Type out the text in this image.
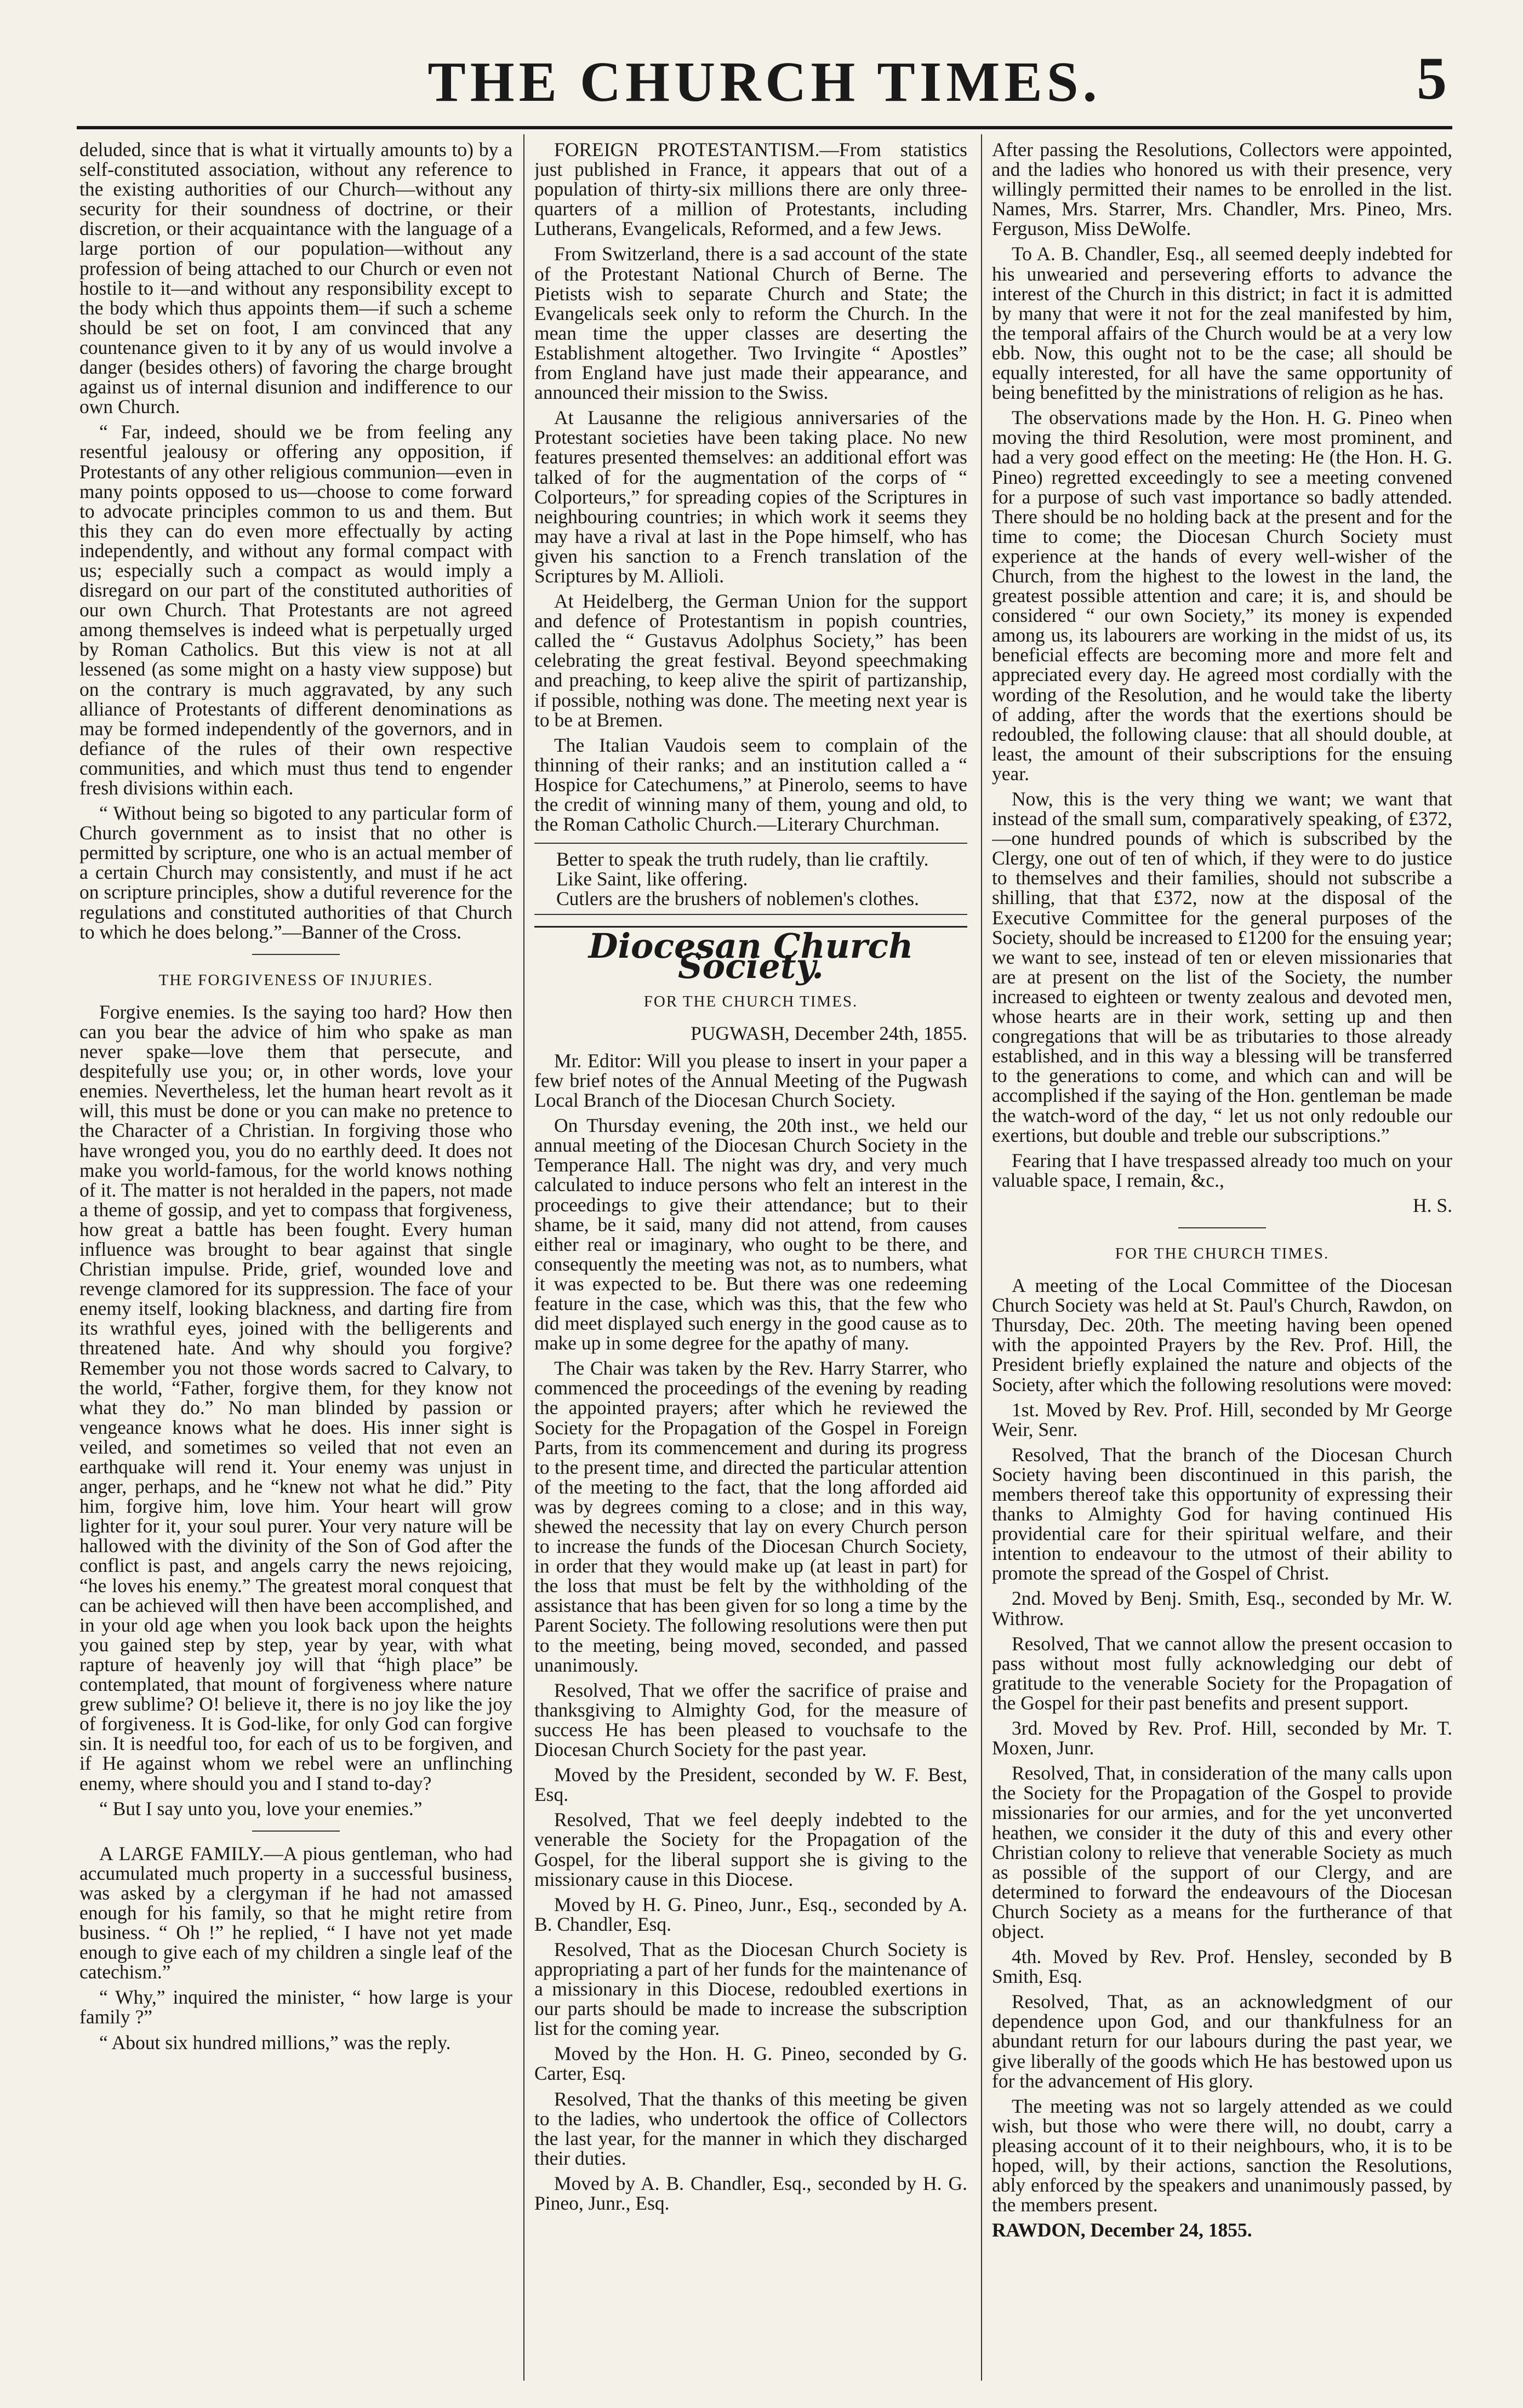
THE CHURCH TIMES.	5

deluded, since that is what it virtually amounts to) by a self-constituted association, without any reference to the existing authorities of our Church—without any security for their soundness of doctrine, or their discretion, or their acquaintance with the language of a large portion of our population—without any profession of being attached to our Church or even not hostile to it—and without any responsibility except to the body which thus appoints them—if such a scheme should be set on foot, I am convinced that any countenance given to it by any of us would involve a danger (besides others) of favoring the charge brought against us of internal disunion and indifference to our own Church.

“ Far, indeed, should we be from feeling any resentful jealousy or offering any opposition, if Protestants of any other religious communion—even in many points opposed to us—choose to come forward to advocate principles common to us and them. But this they can do even more effectually by acting independently, and without any formal compact with us; especially such a compact as would imply a disregard on our part of the constituted authorities of our own Church. That Protestants are not agreed among themselves is indeed what is perpetually urged by Roman Catholics. But this view is not at all lessened (as some might on a hasty view suppose) but on the contrary is much aggravated, by any such alliance of Protestants of different denominations as may be formed independently of the governors, and in defiance of the rules of their own respective communities, and which must thus tend to engender fresh divisions within each.

“ Without being so bigoted to any particular form of Church government as to insist that no other is permitted by scripture, one who is an actual member of a certain Church may consistently, and must if he act on scripture principles, show a dutiful reverence for the regulations and constituted authorities of that Church to which he does belong.”—Banner of the Cross.

THE FORGIVENESS OF INJURIES.

Forgive enemies. Is the saying too hard? How then can you bear the advice of him who spake as man never spake—love them that persecute, and despitefully use you; or, in other words, love your enemies. Nevertheless, let the human heart revolt as it will, this must be done or you can make no pretence to the Character of a Christian. In forgiving those who have wronged you, you do no earthly deed. It does not make you world-famous, for the world knows nothing of it. The matter is not heralded in the papers, not made a theme of gossip, and yet to compass that forgiveness, how great a battle has been fought. Every human influence was brought to bear against that single Christian impulse. Pride, grief, wounded love and revenge clamored for its suppression. The face of your enemy itself, looking blackness, and darting fire from its wrathful eyes, joined with the belligerents and threatened hate. And why should you forgive? Remember you not those words sacred to Calvary, to the world, “Father, forgive them, for they know not what they do.” No man blinded by passion or vengeance knows what he does. His inner sight is veiled, and sometimes so veiled that not even an earthquake will rend it. Your enemy was unjust in anger, perhaps, and he “knew not what he did.” Pity him, forgive him, love him. Your heart will grow lighter for it, your soul purer. Your very nature will be hallowed with the divinity of the Son of God after the conflict is past, and angels carry the news rejoicing, “he loves his enemy.” The greatest moral conquest that can be achieved will then have been accomplished, and in your old age when you look back upon the heights you gained step by step, year by year, with what rapture of heavenly joy will that “high place” be contemplated, that mount of forgiveness where nature grew sublime? O! believe it, there is no joy like the joy of forgiveness. It is God-like, for only God can forgive sin. It is needful too, for each of us to be forgiven, and if He against whom we rebel were an unflinching enemy, where should you and I stand to-day?

“ But I say unto you, love your enemies.”

A LARGE FAMILY.—A pious gentleman, who had accumulated much property in a successful business, was asked by a clergyman if he had not amassed enough for his family, so that he might retire from business. “ Oh !” he replied, “ I have not yet made enough to give each of my children a single leaf of the catechism.”

“ Why,” inquired the minister, “ how large is your family ?”

“ About six hundred millions,” was the reply.

FOREIGN PROTESTANTISM.—From statistics just published in France, it appears that out of a population of thirty-six millions there are only three-quarters of a million of Protestants, including Lutherans, Evangelicals, Reformed, and a few Jews.

From Switzerland, there is a sad account of the state of the Protestant National Church of Berne. The Pietists wish to separate Church and State; the Evangelicals seek only to reform the Church. In the mean time the upper classes are deserting the Establishment altogether. Two Irvingite “ Apostles” from England have just made their appearance, and announced their mission to the Swiss.

At Lausanne the religious anniversaries of the Protestant societies have been taking place. No new features presented themselves: an additional effort was talked of for the augmentation of the corps of “ Colporteurs,” for spreading copies of the Scriptures in neighbouring countries; in which work it seems they may have a rival at last in the Pope himself, who has given his sanction to a French translation of the Scriptures by M. Allioli.

At Heidelberg, the German Union for the support and defence of Protestantism in popish countries, called the “ Gustavus Adolphus Society,” has been celebrating the great festival. Beyond speechmaking and preaching, to keep alive the spirit of partizanship, if possible, nothing was done. The meeting next year is to be at Bremen.

The Italian Vaudois seem to complain of the thinning of their ranks; and an institution called a “ Hospice for Catechumens,” at Pinerolo, seems to have the credit of winning many of them, young and old, to the Roman Catholic Church.—Literary Churchman.

Better to speak the truth rudely, than lie craftily.

Like Saint, like offering.

Cutlers are the brushers of noblemen's clothes.

Diocesan Church Society.
FOR THE CHURCH TIMES.
PUGWASH, December 24th, 1855.

Mr. Editor: Will you please to insert in your paper a few brief notes of the Annual Meeting of the Pugwash Local Branch of the Diocesan Church Society.

On Thursday evening, the 20th inst., we held our annual meeting of the Diocesan Church Society in the Temperance Hall. The night was dry, and very much calculated to induce persons who felt an interest in the proceedings to give their attendance; but to their shame, be it said, many did not attend, from causes either real or imaginary, who ought to be there, and consequently the meeting was not, as to numbers, what it was expected to be. But there was one redeeming feature in the case, which was this, that the few who did meet displayed such energy in the good cause as to make up in some degree for the apathy of many.

The Chair was taken by the Rev. Harry Starrer, who commenced the proceedings of the evening by reading the appointed prayers; after which he reviewed the Society for the Propagation of the Gospel in Foreign Parts, from its commencement and during its progress to the present time, and directed the particular attention of the meeting to the fact, that the long afforded aid was by degrees coming to a close; and in this way, shewed the necessity that lay on every Church person to increase the funds of the Diocesan Church Society, in order that they would make up (at least in part) for the loss that must be felt by the withholding of the assistance that has been given for so long a time by the Parent Society. The following resolutions were then put to the meeting, being moved, seconded, and passed unanimously.

Resolved, That we offer the sacrifice of praise and thanksgiving to Almighty God, for the measure of success He has been pleased to vouchsafe to the Diocesan Church Society for the past year.

Moved by the President, seconded by W. F. Best, Esq.

Resolved, That we feel deeply indebted to the venerable the Society for the Propagation of the Gospel, for the liberal support she is giving to the missionary cause in this Diocese.

Moved by H. G. Pineo, Junr., Esq., seconded by A. B. Chandler, Esq.

Resolved, That as the Diocesan Church Society is appropriating a part of her funds for the maintenance of a missionary in this Diocese, redoubled exertions in our parts should be made to increase the subscription list for the coming year.

Moved by the Hon. H. G. Pineo, seconded by G. Carter, Esq.

Resolved, That the thanks of this meeting be given to the ladies, who undertook the office of Collectors the last year, for the manner in which they discharged their duties.

Moved by A. B. Chandler, Esq., seconded by H. G. Pineo, Junr., Esq.

After passing the Resolutions, Collectors were appointed, and the ladies who honored us with their presence, very willingly permitted their names to be enrolled in the list. Names, Mrs. Starrer, Mrs. Chandler, Mrs. Pineo, Mrs. Ferguson, Miss DeWolfe.

To A. B. Chandler, Esq., all seemed deeply indebted for his unwearied and persevering efforts to advance the interest of the Church in this district; in fact it is admitted by many that were it not for the zeal manifested by him, the temporal affairs of the Church would be at a very low ebb. Now, this ought not to be the case; all should be equally interested, for all have the same opportunity of being benefitted by the ministrations of religion as he has.

The observations made by the Hon. H. G. Pineo when moving the third Resolution, were most prominent, and had a very good effect on the meeting: He (the Hon. H. G. Pineo) regretted exceedingly to see a meeting convened for a purpose of such vast importance so badly attended. There should be no holding back at the present and for the time to come; the Diocesan Church Society must experience at the hands of every well-wisher of the Church, from the highest to the lowest in the land, the greatest possible attention and care; it is, and should be considered “ our own Society,” its money is expended among us, its labourers are working in the midst of us, its beneficial effects are becoming more and more felt and appreciated every day. He agreed most cordially with the wording of the Resolution, and he would take the liberty of adding, after the words that the exertions should be redoubled, the following clause: that all should double, at least, the amount of their subscriptions for the ensuing year.

Now, this is the very thing we want; we want that instead of the small sum, comparatively speaking, of £372,—one hundred pounds of which is subscribed by the Clergy, one out of ten of which, if they were to do justice to themselves and their families, should not subscribe a shilling, that that £372, now at the disposal of the Executive Committee for the general purposes of the Society, should be increased to £1200 for the ensuing year; we want to see, instead of ten or eleven missionaries that are at present on the list of the Society, the number increased to eighteen or twenty zealous and devoted men, whose hearts are in their work, setting up and then congregations that will be as tributaries to those already established, and in this way a blessing will be transferred to the generations to come, and which can and will be accomplished if the saying of the Hon. gentleman be made the watch-word of the day, “ let us not only redouble our exertions, but double and treble our subscriptions.”

Fearing that I have trespassed already too much on your valuable space, I remain, &c.,

H. S.
FOR THE CHURCH TIMES.

A meeting of the Local Committee of the Diocesan Church Society was held at St. Paul's Church, Rawdon, on Thursday, Dec. 20th. The meeting having been opened with the appointed Prayers by the Rev. Prof. Hill, the President briefly explained the nature and objects of the Society, after which the following resolutions were moved:

1st. Moved by Rev. Prof. Hill, seconded by Mr George Weir, Senr.

Resolved, That the branch of the Diocesan Church Society having been discontinued in this parish, the members thereof take this opportunity of expressing their thanks to Almighty God for having continued His providential care for their spiritual welfare, and their intention to endeavour to the utmost of their ability to promote the spread of the Gospel of Christ.

2nd. Moved by Benj. Smith, Esq., seconded by Mr. W. Withrow.

Resolved, That we cannot allow the present occasion to pass without most fully acknowledging our debt of gratitude to the venerable Society for the Propagation of the Gospel for their past benefits and present support.

3rd. Moved by Rev. Prof. Hill, seconded by Mr. T. Moxen, Junr.

Resolved, That, in consideration of the many calls upon the Society for the Propagation of the Gospel to provide missionaries for our armies, and for the yet unconverted heathen, we consider it the duty of this and every other Christian colony to relieve that venerable Society as much as possible of the support of our Clergy, and are determined to forward the endeavours of the Diocesan Church Society as a means for the furtherance of that object.

4th. Moved by Rev. Prof. Hensley, seconded by B Smith, Esq.

Resolved, That, as an acknowledgment of our dependence upon God, and our thankfulness for an abundant return for our labours during the past year, we give liberally of the goods which He has bestowed upon us for the advancement of His glory.

The meeting was not so largely attended as we could wish, but those who were there will, no doubt, carry a pleasing account of it to their neighbours, who, it is to be hoped, will, by their actions, sanction the Resolutions, ably enforced by the speakers and unanimously passed, by the members present.

RAWDON, December 24, 1855.
